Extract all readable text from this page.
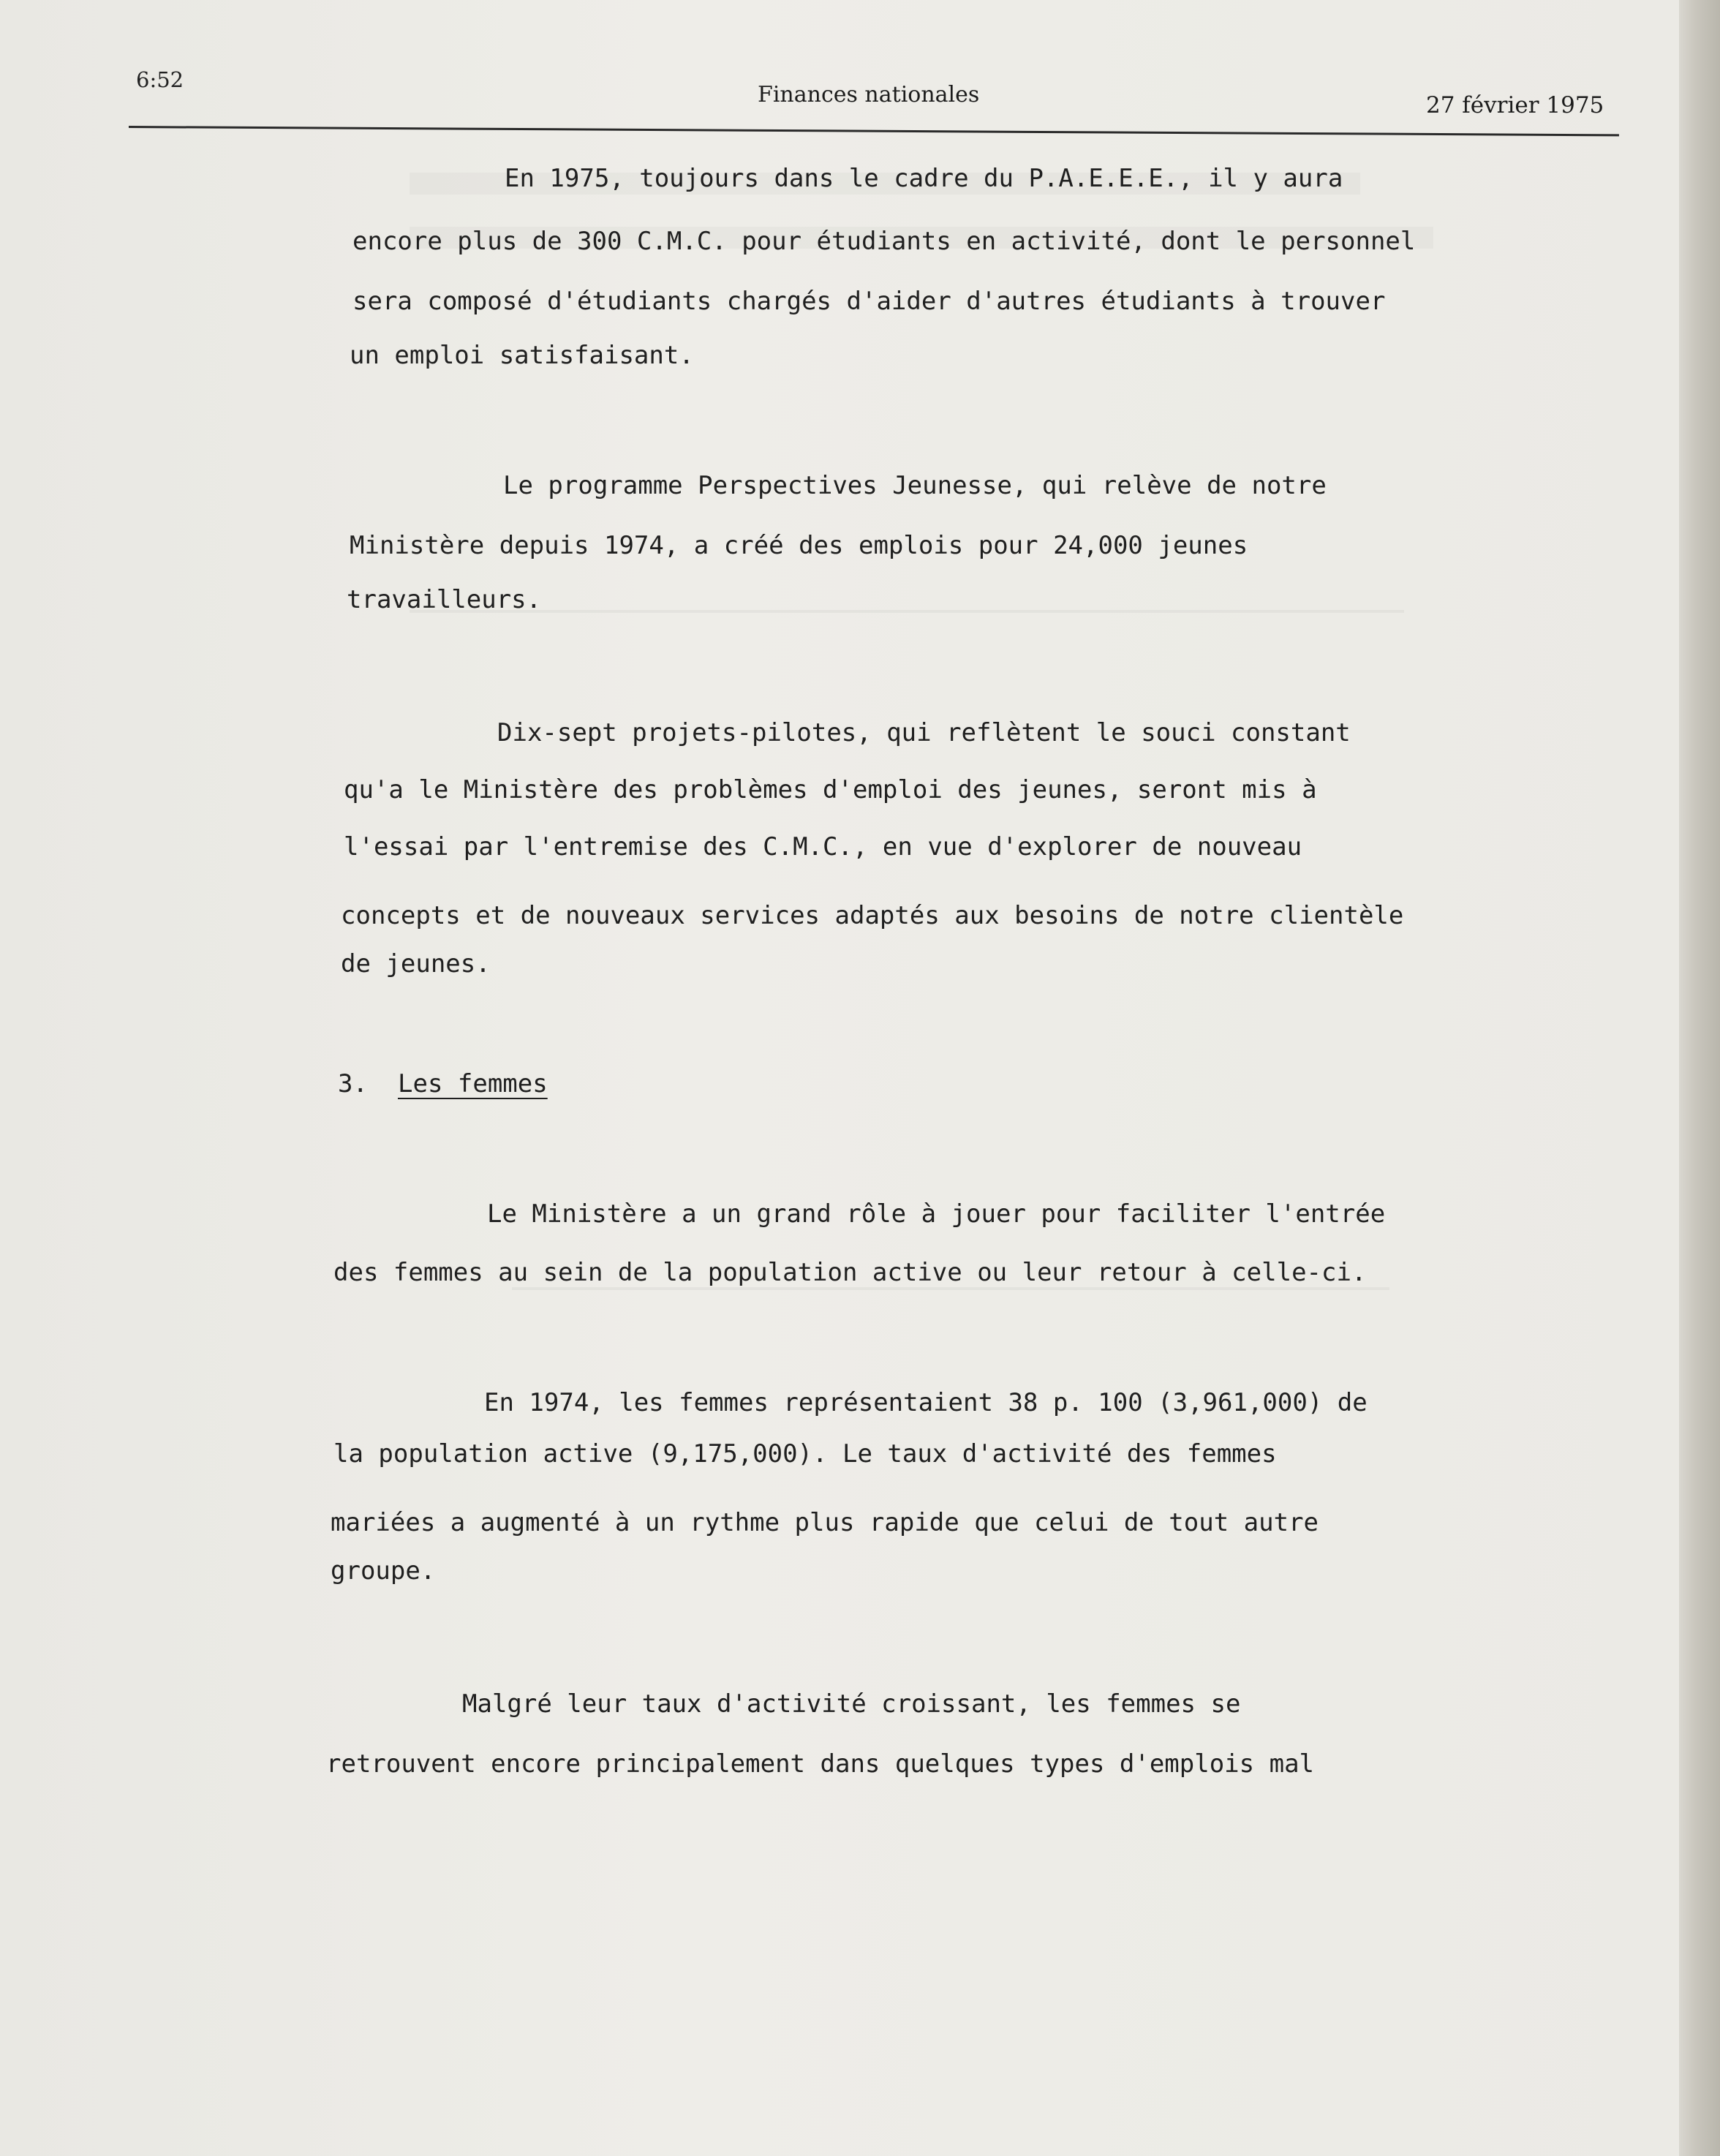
6:52
Finances nationales	27 février 1975
En 1975, toujours dans le cadre du P.A.E.E.E., il y aura
encore plus de 300 C.M.C. pour étudiants en activité, dont le personnel
sera composé d'étudiants chargés d'aider d'autres étudiants à trouver
un emploi satisfaisant.
Le programme Perspectives Jeunesse, qui relève de notre
Ministère depuis 1974, a créé des emplois pour 24,000 jeunes
travailleurs.
Dix-sept projets-pilotes, qui reflètent le souci constant
qu'a le Ministère des problèmes d'emploi des jeunes, seront mis à
l'essai par l'entremise des C.M.C., en vue d'explorer de nouveau
concepts et de nouveaux services adaptés aux besoins de notre clientèle
de jeunes.
3. Les femmes
Le Ministère a un grand rôle à jouer pour faciliter l'entrée
des femmes au sein de la population active ou leur retour à celle-ci.
En 1974, les femmes représentaient 38 p. 100 (3,961,000) de
la population active (9,175,000). Le taux d'activité des femmes
mariées a augmenté à un rythme plus rapide que celui de tout autre
groupe.
Malgré leur taux d'activité croissant, les femmes se
retrouvent encore principalement dans quelques types d'emplois mal
